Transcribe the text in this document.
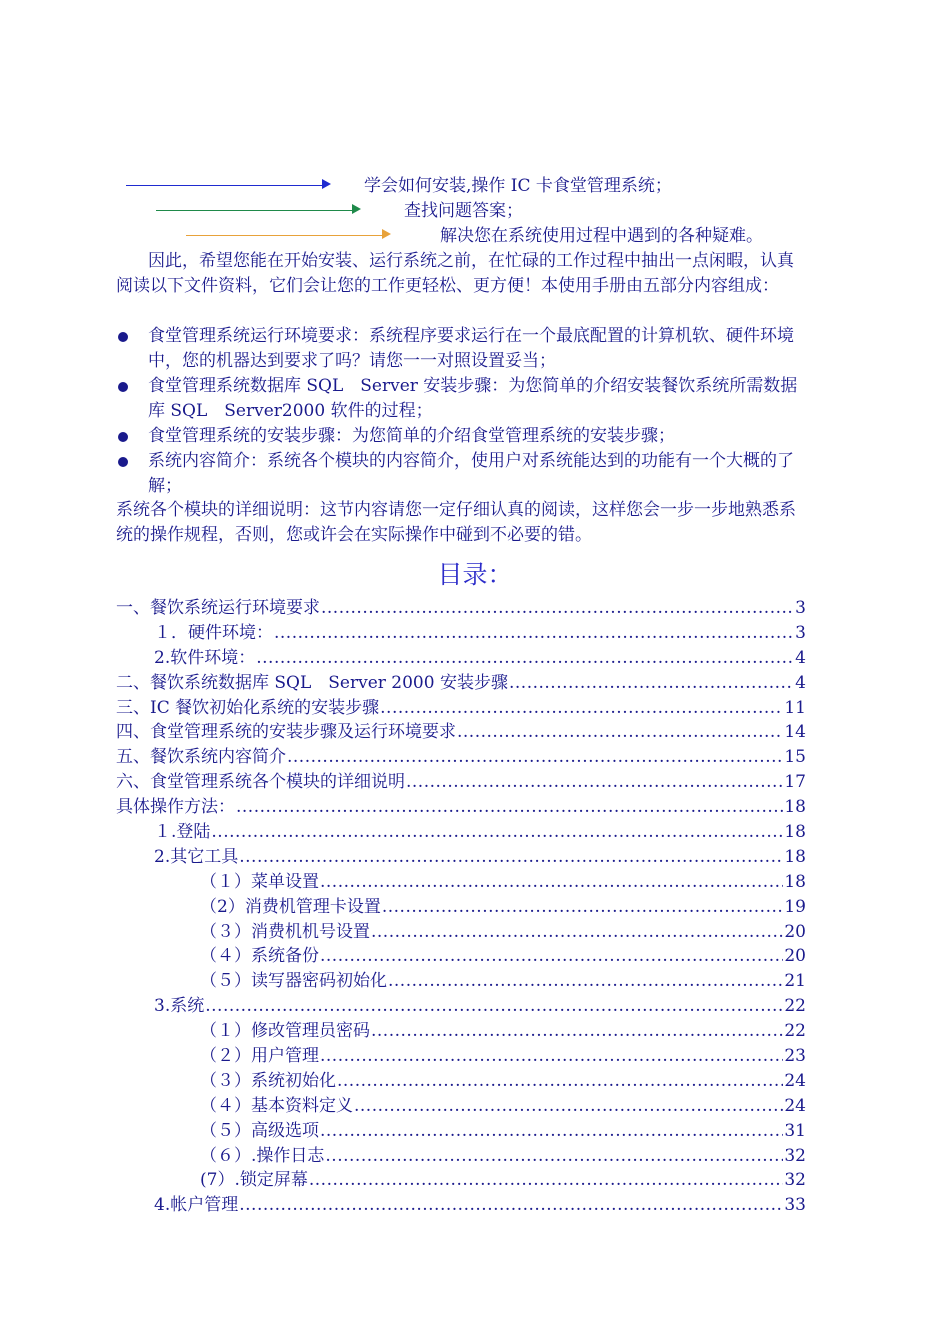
学会如何安装,操作 IC 卡食堂管理系统；
查找问题答案；
解决您在系统使用过程中遇到的各种疑难。

因此，希望您能在开始安装、运行系统之前，在忙碌的工作过程中抽出一点闲暇，认真阅读以下文件资料，它们会让您的工作更轻松、更方便！本使用手册由五部分内容组成：

食堂管理系统运行环境要求：系统程序要求运行在一个最底配置的计算机软、硬件环境中，您的机器达到要求了吗？请您一一对照设置妥当；

食堂管理系统数据库 SQL　Server 安装步骤：为您简单的介绍安装餐饮系统所需数据库 SQL　Server2000 软件的过程；

食堂管理系统的安装步骤：为您简单的介绍食堂管理系统的安装步骤；

系统内容简介：系统各个模块的内容简介，使用户对系统能达到的功能有一个大概的了解；

系统各个模块的详细说明：这节内容请您一定仔细认真的阅读，这样您会一步一步地熟悉系统的操作规程，否则，您或许会在实际操作中碰到不必要的错。

目录：
一、餐饮系统运行环境要求 .....	3
１．硬件环境： .....	3
2.软件环境： .....	4
二、餐饮系统数据库 SQL　Server 2000 安装步骤 .....	4
三、IC 餐饮初始化系统的安装步骤 .....	11
四、食堂管理系统的安装步骤及运行环境要求 .....	14
五、餐饮系统内容简介 .....	15
六、食堂管理系统各个模块的详细说明 .....	17
具体操作方法： .....	18
１.登陆 .....	18
2.其它工具 .....	18
（１）菜单设置 .....	18
（2）消费机管理卡设置 .....	19
（３）消费机机号设置 .....	20
（４）系统备份 .....	20
（５）读写器密码初始化 .....	21
3.系统 .....	22
（１）修改管理员密码 .....	22
（２）用户管理 .....	23
（３）系统初始化 .....	24
（４）基本资料定义 .....	24
（５）高级选项 .....	31
（６）.操作日志 .....	32
(7）.锁定屏幕 .....	32
4.帐户管理 .....	33
